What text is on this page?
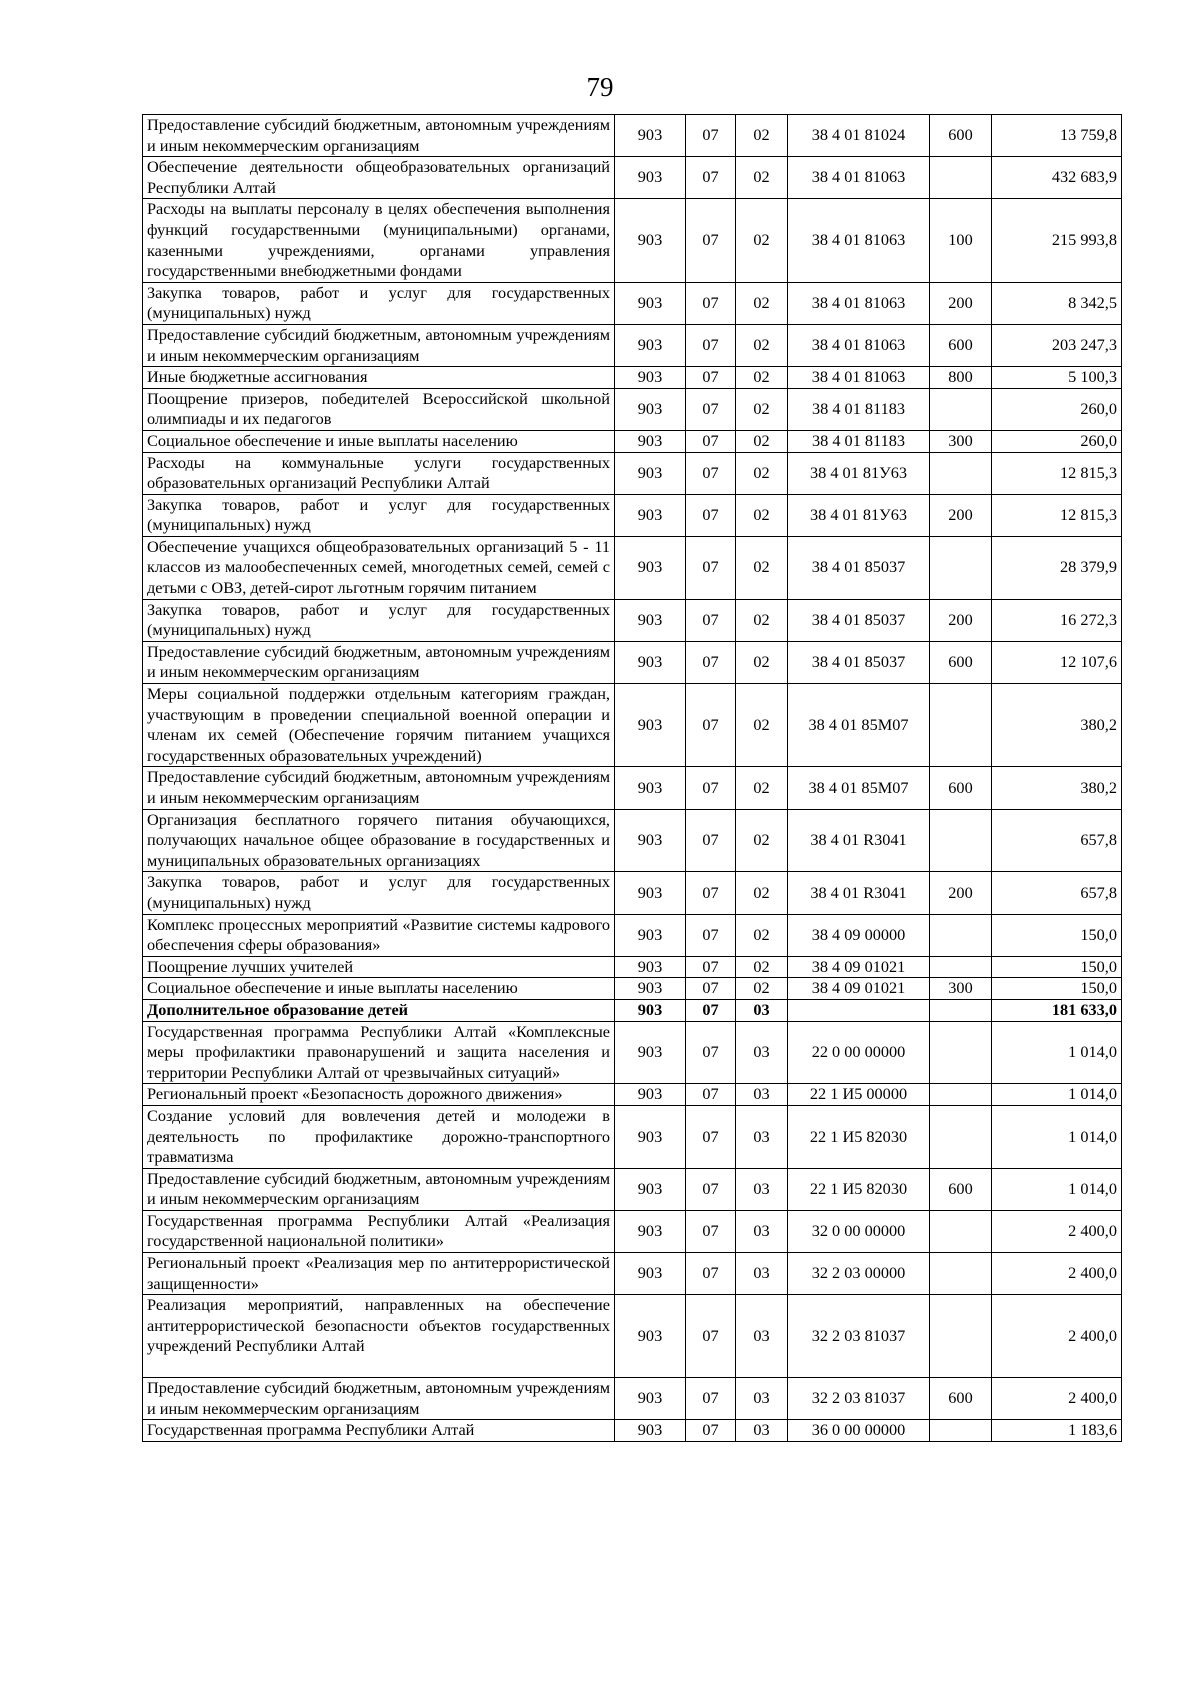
79
Предоставление субсидий бюджетным, автономным учреждениям и иным некоммерческим организациям	903	07	02	38 4 01 81024	600	13 759,8
Обеспечение деятельности общеобразовательных организаций Республики Алтай	903	07	02	38 4 01 81063		432 683,9
Расходы на выплаты персоналу в целях обеспечения выполнения функций государственными (муниципальными) органами, казенными учреждениями, органами управления государственными внебюджетными фондами	903	07	02	38 4 01 81063	100	215 993,8
Закупка товаров, работ и услуг для государственных (муниципальных) нужд	903	07	02	38 4 01 81063	200	8 342,5
Предоставление субсидий бюджетным, автономным учреждениям и иным некоммерческим организациям	903	07	02	38 4 01 81063	600	203 247,3
Иные бюджетные ассигнования	903	07	02	38 4 01 81063	800	5 100,3
Поощрение призеров, победителей Всероссийской школьной олимпиады и их педагогов	903	07	02	38 4 01 81183		260,0
Социальное обеспечение и иные выплаты населению	903	07	02	38 4 01 81183	300	260,0
Расходы на коммунальные услуги государственных образовательных организаций Республики Алтай	903	07	02	38 4 01 81У63		12 815,3
Закупка товаров, работ и услуг для государственных (муниципальных) нужд	903	07	02	38 4 01 81У63	200	12 815,3
Обеспечение учащихся общеобразовательных организаций 5 - 11 классов из малообеспеченных семей, многодетных семей, семей с детьми с ОВЗ, детей-сирот льготным горячим питанием	903	07	02	38 4 01 85037		28 379,9
Закупка товаров, работ и услуг для государственных (муниципальных) нужд	903	07	02	38 4 01 85037	200	16 272,3
Предоставление субсидий бюджетным, автономным учреждениям и иным некоммерческим организациям	903	07	02	38 4 01 85037	600	12 107,6
Меры социальной поддержки отдельным категориям граждан, участвующим в проведении специальной военной операции и членам их семей (Обеспечение горячим питанием учащихся государственных образовательных учреждений)	903	07	02	38 4 01 85М07		380,2
Предоставление субсидий бюджетным, автономным учреждениям и иным некоммерческим организациям	903	07	02	38 4 01 85М07	600	380,2
Организация бесплатного горячего питания обучающихся, получающих начальное общее образование в государственных и муниципальных образовательных организациях	903	07	02	38 4 01 R3041		657,8
Закупка товаров, работ и услуг для государственных (муниципальных) нужд	903	07	02	38 4 01 R3041	200	657,8
Комплекс процессных мероприятий «Развитие системы кадрового обеспечения сферы образования»	903	07	02	38 4 09 00000		150,0
Поощрение лучших учителей	903	07	02	38 4 09 01021		150,0
Социальное обеспечение и иные выплаты населению	903	07	02	38 4 09 01021	300	150,0
Дополнительное образование детей	903	07	03			181 633,0
Государственная программа Республики Алтай «Комплексные меры профилактики правонарушений и защита населения и территории Республики Алтай от чрезвычайных ситуаций»	903	07	03	22 0 00 00000		1 014,0
Региональный проект «Безопасность дорожного движения»	903	07	03	22 1 И5 00000		1 014,0
Создание условий для вовлечения детей и молодежи в деятельность по профилактике дорожно-транспортного травматизма	903	07	03	22 1 И5 82030		1 014,0
Предоставление субсидий бюджетным, автономным учреждениям и иным некоммерческим организациям	903	07	03	22 1 И5 82030	600	1 014,0
Государственная программа Республики Алтай «Реализация государственной национальной политики»	903	07	03	32 0 00 00000		2 400,0
Региональный проект «Реализация мер по антитеррористической защищенности»	903	07	03	32 2 03 00000		2 400,0
Реализация мероприятий, направленных на обеспечение антитеррористической безопасности объектов государственных учреждений Республики Алтай	903	07	03	32 2 03 81037		2 400,0
Предоставление субсидий бюджетным, автономным учреждениям и иным некоммерческим организациям	903	07	03	32 2 03 81037	600	2 400,0
Государственная программа Республики Алтай	903	07	03	36 0 00 00000		1 183,6
